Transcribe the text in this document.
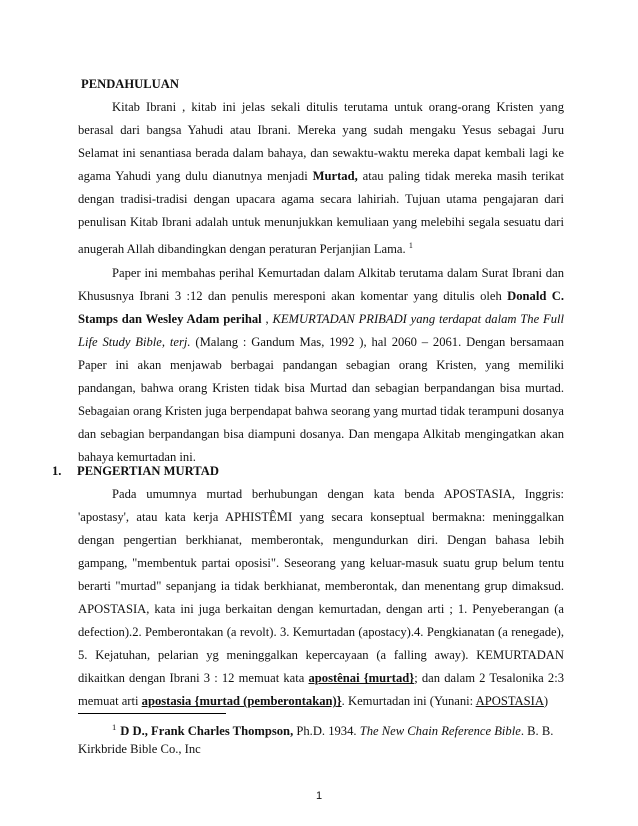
PENDAHULUAN

Kitab Ibrani , kitab ini jelas sekali ditulis terutama untuk orang-orang Kristen yang berasal dari bangsa Yahudi atau Ibrani. Mereka yang sudah mengaku Yesus sebagai Juru Selamat ini senantiasa berada dalam bahaya, dan sewaktu-waktu mereka dapat kembali lagi ke agama Yahudi yang dulu dianutnya menjadi Murtad, atau paling tidak mereka masih terikat dengan tradisi-tradisi dengan upacara agama secara lahiriah. Tujuan utama pengajaran dari penulisan Kitab Ibrani adalah untuk menunjukkan kemuliaan yang melebihi segala sesuatu dari anugerah Allah dibandingkan dengan peraturan Perjanjian Lama. $^1$

Paper ini membahas perihal Kemurtadan dalam Alkitab terutama dalam Surat Ibrani dan Khususnya Ibrani 3 :12 dan penulis meresponi akan komentar yang ditulis oleh Donald C. Stamps dan Wesley Adam perihal , KEMURTADAN PRIBADI yang terdapat dalam The Full Life Study Bible, terj. (Malang : Gandum Mas, 1992 ), hal 2060 – 2061. Dengan bersamaan Paper ini akan menjawab berbagai pandangan sebagian orang Kristen, yang memiliki pandangan, bahwa orang Kristen tidak bisa Murtad dan sebagian berpandangan bisa murtad. Sebagaian orang Kristen juga berpendapat bahwa seorang yang murtad tidak terampuni dosanya dan sebagian berpandangan bisa diampuni dosanya. Dan mengapa Alkitab mengingatkan akan bahaya kemurtadan ini.

1. PENGERTIAN MURTAD

Pada umumnya murtad berhubungan dengan kata benda APOSTASIA, Inggris: 'apostasy', atau kata kerja APHISTÊMI yang secara konseptual bermakna: meninggalkan dengan pengertian berkhianat, memberontak, mengundurkan diri. Dengan bahasa lebih gampang, "membentuk partai oposisi". Seseorang yang keluar-masuk suatu grup belum tentu berarti "murtad" sepanjang ia tidak berkhianat, memberontak, dan menentang grup dimaksud. APOSTASIA, kata ini juga berkaitan dengan kemurtadan, dengan arti ; 1. Penyeberangan (a defection).2. Pemberontakan (a revolt). 3. Kemurtadan (apostacy).4. Pengkianatan (a renegade), 5. Kejatuhan, pelarian yg meninggalkan kepercayaan (a falling away). KEMURTADAN dikaitkan dengan Ibrani 3 : 12 memuat kata apostênai {murtad}; dan dalam 2 Tesalonika 2:3 memuat arti apostasia {murtad (pemberontakan)}. Kemurtadan ini (Yunani: APOSTASIA)

$^1$ D D., Frank Charles Thompson, Ph.D. 1934. The New Chain Reference Bible. B. B. Kirkbride Bible Co., Inc
1
